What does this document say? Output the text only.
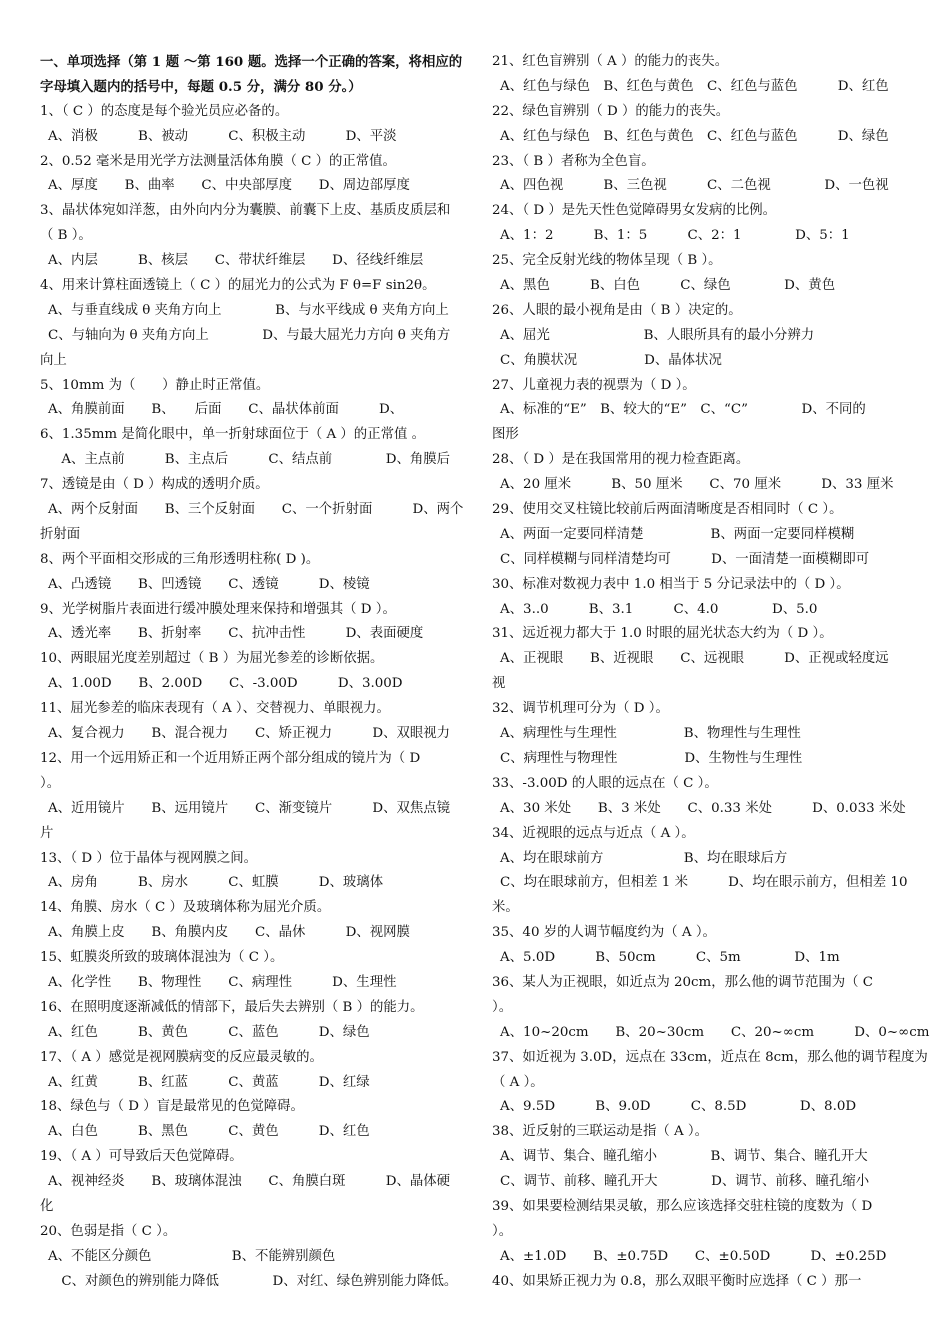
一、单项选择（第 1 题 ～第 160 题。选择一个正确的答案，将相应的
字母填入题内的括号中，每题 0.5 分，满分 80 分。）
1、（ C ）的态度是每个验光员应必备的。
A、消极　　　B、被动　　　C、积极主动　　　D、平淡
2、0.52 毫米是用光学方法测量活体角膜（ C ）的正常值。
A、厚度　　B、曲率　　C、中央部厚度　　D、周边部厚度
3、晶状体宛如洋葱，由外向内分为囊膜、前囊下上皮、基质皮质层和
（ B ）。
A、内层　　　B、核层　　C、带状纤维层　　D、径线纤维层
4、用来计算柱面透镜上（ C ）的屈光力的公式为 F θ=F sin2θ。
A、与垂直线成 θ 夹角方向上　　　　B、与水平线成 θ 夹角方向上
C、与轴向为 θ 夹角方向上　　　　D、与最大屈光力方向 θ 夹角方
向上
5、10mm 为（　　）静止时正常值。
A、角膜前面　　B、　　后面　　C、晶状体前面　　　D、
6、1.35mm 是简化眼中，单一折射球面位于（ A ）的正常值 。
　A、主点前　　　B、主点后　　　C、结点前　　　　D、角膜后
7、透镜是由（ D ）构成的透明介质。
A、两个反射面　　B、三个反射面　　C、一个折射面　　　D、两个
折射面
8、两个平面相交形成的三角形透明柱称( D )。
A、凸透镜　　B、凹透镜　　C、透镜　　　D、棱镜
9、光学树脂片表面进行缓冲膜处理来保持和增强其（ D ）。
A、透光率　　B、折射率　　C、抗冲击性　　　D、表面硬度
10、两眼屈光度差别超过（ B ）为屈光参差的诊断依据。
A、1.00D　　B、2.00D　　C、-3.00D　　　D、3.00D
11、屈光参差的临床表现有（ A ）、交替视力、单眼视力。
A、复合视力　　B、混合视力　　C、矫正视力　　　D、双眼视力
12、用一个远用矫正和一个近用矫正两个部分组成的镜片为（ D
）。
A、近用镜片　　B、远用镜片　　C、渐变镜片　　　D、双焦点镜
片
13、（ D ）位于晶体与视网膜之间。
A、房角　　　B、房水　　　C、虹膜　　　D、玻璃体
14、角膜、房水（ C ）及玻璃体称为屈光介质。
A、角膜上皮　　B、角膜内皮　　C、晶休　　　D、视网膜
15、虹膜炎所致的玻璃体混浊为（ C ）。
A、化学性　　B、物理性　　C、病理性　　　D、生理性
16、在照明度逐渐减低的情部下，最后失去辨别（ B ）的能力。
A、红色　　　B、黄色　　　C、蓝色　　　D、绿色
17、（ A ）感觉是视网膜病变的反应最灵敏的。
A、红黄　　　B、红蓝　　　C、黄蓝　　　D、红绿
18、绿色与（ D ）盲是最常见的色觉障碍。
A、白色　　　B、黑色　　　C、黄色　　　D、红色
19、（ A ）可导致后天色觉障碍。
A、视神经炎　　B、玻璃体混浊　　C、角膜白斑　　　D、晶体硬
化
20、色弱是指（ C ）。
A、不能区分颜色　　　　　　B、不能辨别颜色
　C、对颜色的辨别能力降低　　　　D、对红、绿色辨别能力降低。
21、红色盲辨别（ A ）的能力的丧失。
A、红色与绿色　B、红色与黄色　C、红色与蓝色　　　D、红色
22、绿色盲辨别（ D ）的能力的丧失。
A、红色与绿色　B、红色与黄色　C、红色与蓝色　　　D、绿色
23、（ B ）者称为全色盲。
A、四色视　　　B、三色视　　　C、二色视　　　　D、一色视
24、（ D ）是先天性色觉障碍男女发病的比例。
A、1：2　　　B、1：5　　　C、2：1　　　　D、5：1
25、完全反射光线的物体呈现（ B ）。
A、黑色　　　B、白色　　　C、绿色　　　　D、黄色
26、人眼的最小视角是由（ B ）决定的。
A、屈光　　　　　　　B、人眼所具有的最小分辨力
C、角膜状况　　　　　D、晶体状况
27、儿童视力表的视票为（ D ）。
A、标准的“E”　B、较大的“E”　C、“C”　　　　D、不同的
图形
28、（ D ）是在我国常用的视力检查距离。
A、20 厘米　　　B、50 厘米　　C、70 厘米　　　D、33 厘米
29、使用交叉柱镜比较前后两面清晰度是否相同时（ C ）。
A、两面一定要同样清楚　　　　　B、两面一定要同样模糊
C、同样模糊与同样清楚均可　　　D、一面清楚一面模糊即可
30、标准对数视力表中 1.0 相当于 5 分记录法中的（ D ）。
A、3..0　　　B、3.1　　　C、4.0　　　　D、5.0
31、远近视力都大于 1.0 时眼的屈光状态大约为（ D ）。
A、正视眼　　B、近视眼　　C、远视眼　　　D、正视或轻度远
视
32、调节机理可分为（ D ）。
A、病理性与生理性　　　　　B、物理性与生理性
C、病理性与物理性　　　　　D、生物性与生理性
33、-3.00D 的人眼的远点在（ C ）。
A、30 米处　　B、3 米处　　C、0.33 米处　　　D、0.033 米处
34、近视眼的远点与近点（ A ）。
A、均在眼球前方　　　　　　B、均在眼球后方
C、均在眼球前方，但相差 1 米　　　D、均在眼示前方，但相差 10
米。
35、40 岁的人调节幅度约为（ A ）。
A、5.0D　　　B、50cm　　　C、5m　　　　D、1m
36、某人为正视眼，如近点为 20cm，那么他的调节范围为（ C
）。
A、10~20cm　　B、20~30cm　　C、20~∞cm　　　D、0~∞cm
37、如近视为 3.0D，远点在 33cm，近点在 8cm，那么他的调节程度为
（ A ）。
A、9.5D　　　B、9.0D　　　C、8.5D　　　　D、8.0D
38、近反射的三联运动是指（ A ）。
A、调节、集合、瞳孔缩小　　　　B、调节、集合、瞳孔开大
C、调节、前移、瞳孔开大　　　　D、调节、前移、瞳孔缩小
39、如果要检测结果灵敏，那么应该选择交驻柱镜的度数为（ D
）。
A、±1.0D　　B、±0.75D　　C、±0.50D　　　D、±0.25D
40、如果矫正视力为 0.8，那么双眼平衡时应选择（ C ）那一
